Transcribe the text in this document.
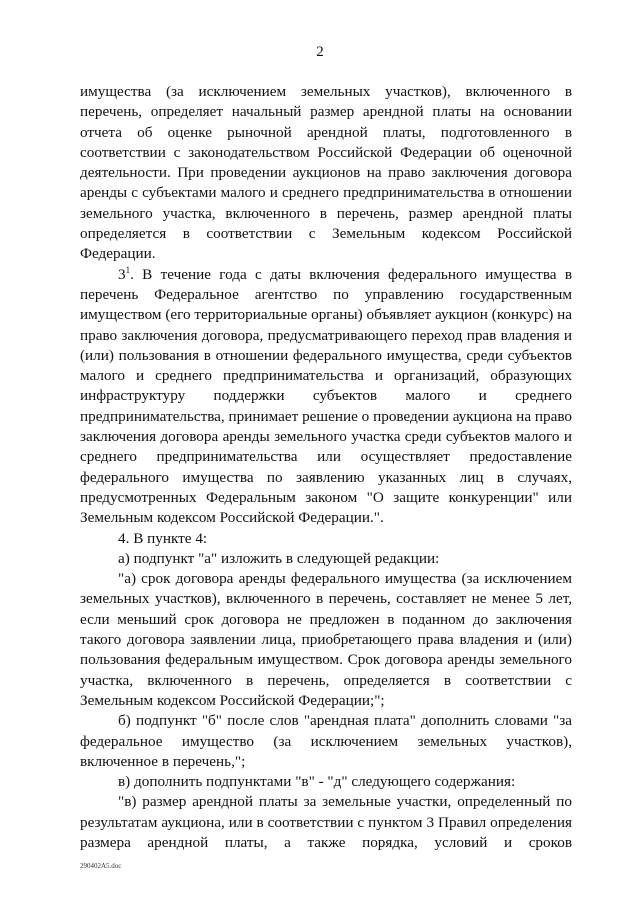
2

имущества (за исключением земельных участков), включенного в перечень, определяет начальный размер арендной платы на основании отчета об оценке рыночной арендной платы, подготовленного в соответствии с законодательством Российской Федерации об оценочной деятельности. При проведении аукционов на право заключения договора аренды с субъектами малого и среднего предпринимательства в отношении земельного участка, включенного в перечень, размер арендной платы определяется в соответствии с Земельным кодексом Российской Федерации.

$3^1$. В течение года с даты включения федерального имущества в перечень Федеральное агентство по управлению государственным имуществом (его территориальные органы) объявляет аукцион (конкурс) на право заключения договора, предусматривающего переход прав владения и (или) пользования в отношении федерального имущества, среди субъектов малого и среднего предпринимательства и организаций, образующих инфраструктуру поддержки субъектов малого и среднего предпринимательства, принимает решение о проведении аукциона на право заключения договора аренды земельного участка среди субъектов малого и среднего предпринимательства или осуществляет предоставление федерального имущества по заявлению указанных лиц в случаях, предусмотренных Федеральным законом "О защите конкуренции" или Земельным кодексом Российской Федерации.".

4. В пункте 4:

а) подпункт "а" изложить в следующей редакции:

"а) срок договора аренды федерального имущества (за исключением земельных участков), включенного в перечень, составляет не менее 5 лет, если меньший срок договора не предложен в поданном до заключения такого договора заявлении лица, приобретающего права владения и (или) пользования федеральным имуществом. Срок договора аренды земельного участка, включенного в перечень, определяется в соответствии с Земельным кодексом Российской Федерации;";

б) подпункт "б" после слов "арендная плата" дополнить словами "за федеральное имущество (за исключением земельных участков), включенное в перечень,";

в) дополнить подпунктами "в" - "д" следующего содержания:

"в) размер арендной платы за земельные участки, определенный по результатам аукциона, или в соответствии с пунктом 3 Правил определения размера арендной платы, а также порядка, условий и сроков

290402A5.doc
